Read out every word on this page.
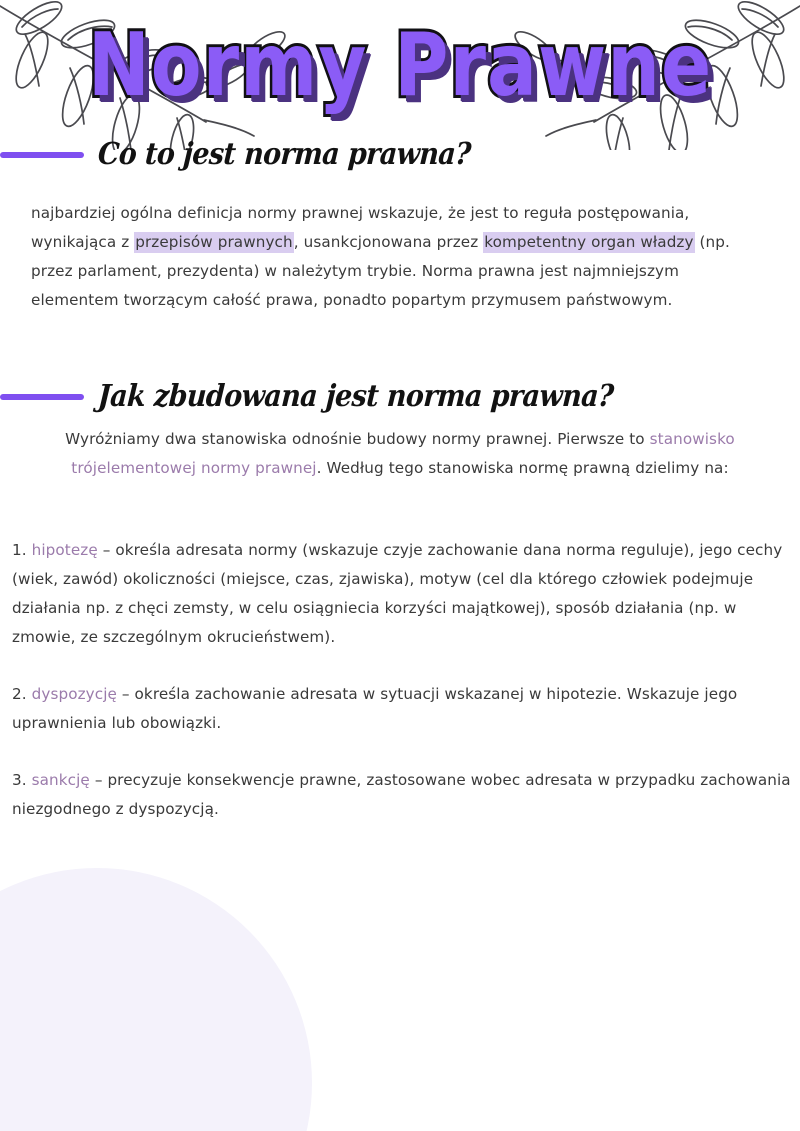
Normy Prawne
Co to jest norma prawna?
najbardziej ogólna definicja normy prawnej wskazuje, że jest to reguła postępowania, wynikająca z przepisów prawnych, usankcjonowana przez kompetentny organ władzy (np. przez parlament, prezydenta) w należytym trybie. Norma prawna jest najmniejszym elementem tworzącym całość prawa, ponadto popartym przymusem państwowym.
Jak zbudowana jest norma prawna?
Wyróżniamy dwa stanowiska odnośnie budowy normy prawnej. Pierwsze to stanowisko trójelementowej normy prawnej. Według tego stanowiska normę prawną dzielimy na:

1. hipotezę – określa adresata normy (wskazuje czyje zachowanie dana norma reguluje), jego cechy (wiek, zawód) okoliczności (miejsce, czas, zjawiska), motyw (cel dla którego człowiek podejmuje działania np. z chęci zemsty, w celu osiągniecia korzyści majątkowej), sposób działania (np. w zmowie, ze szczególnym okrucieństwem).

2. dyspozycję – określa zachowanie adresata w sytuacji wskazanej w hipotezie. Wskazuje jego uprawnienia lub obowiązki.

3. sankcję – precyzuje konsekwencje prawne, zastosowane wobec adresata w przypadku zachowania niezgodnego z dyspozycją.
